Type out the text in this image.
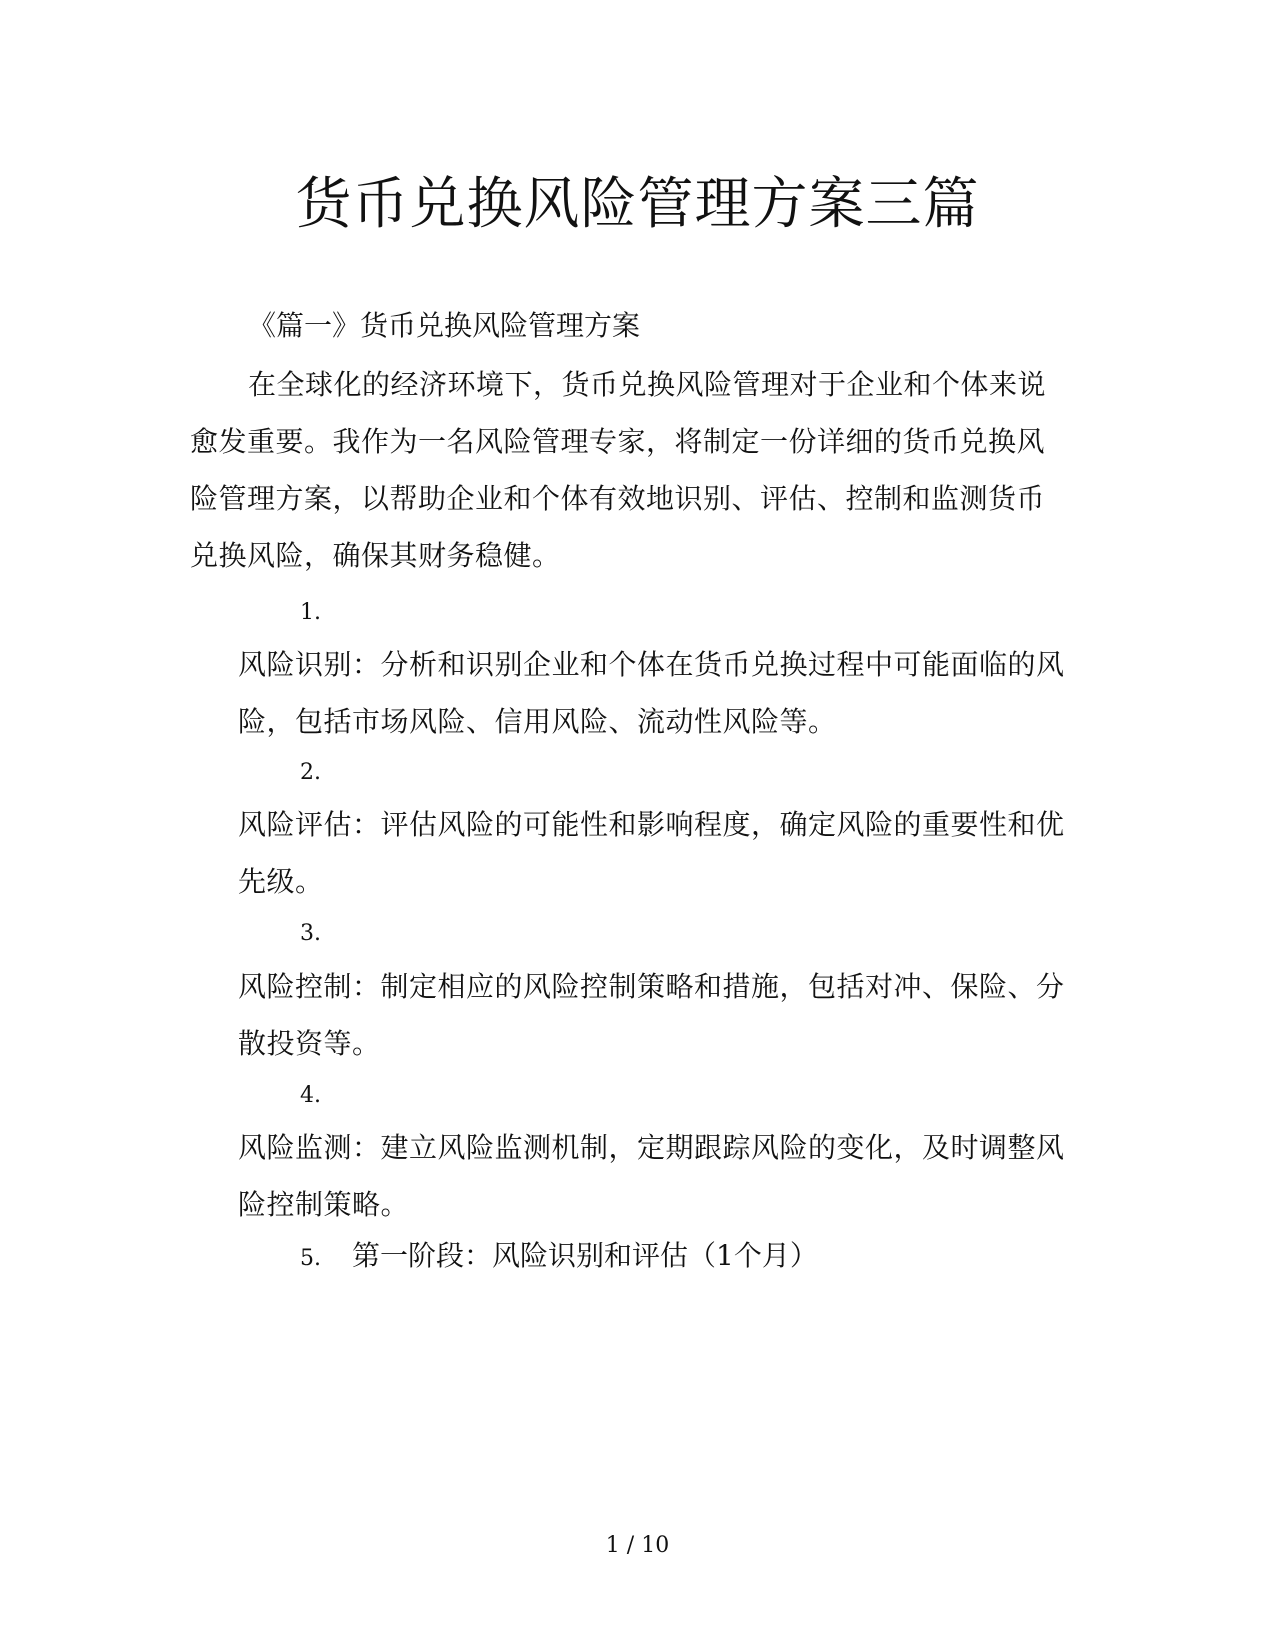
货币兑换风险管理方案三篇
《篇一》货币兑换风险管理方案

在全球化的经济环境下，货币兑换风险管理对于企业和个体来说愈发重要。我作为一名风险管理专家，将制定一份详细的货币兑换风险管理方案，以帮助企业和个体有效地识别、评估、控制和监测货币兑换风险，确保其财务稳健。

1.

风险识别：分析和识别企业和个体在货币兑换过程中可能面临的风险，包括市场风险、信用风险、流动性风险等。

2.

风险评估：评估风险的可能性和影响程度，确定风险的重要性和优先级。

3.

风险控制：制定相应的风险控制策略和措施，包括对冲、保险、分散投资等。

4.

风险监测：建立风险监测机制，定期跟踪风险的变化，及时调整风险控制策略。

5. 第一阶段：风险识别和评估（1个月）

1 / 10
